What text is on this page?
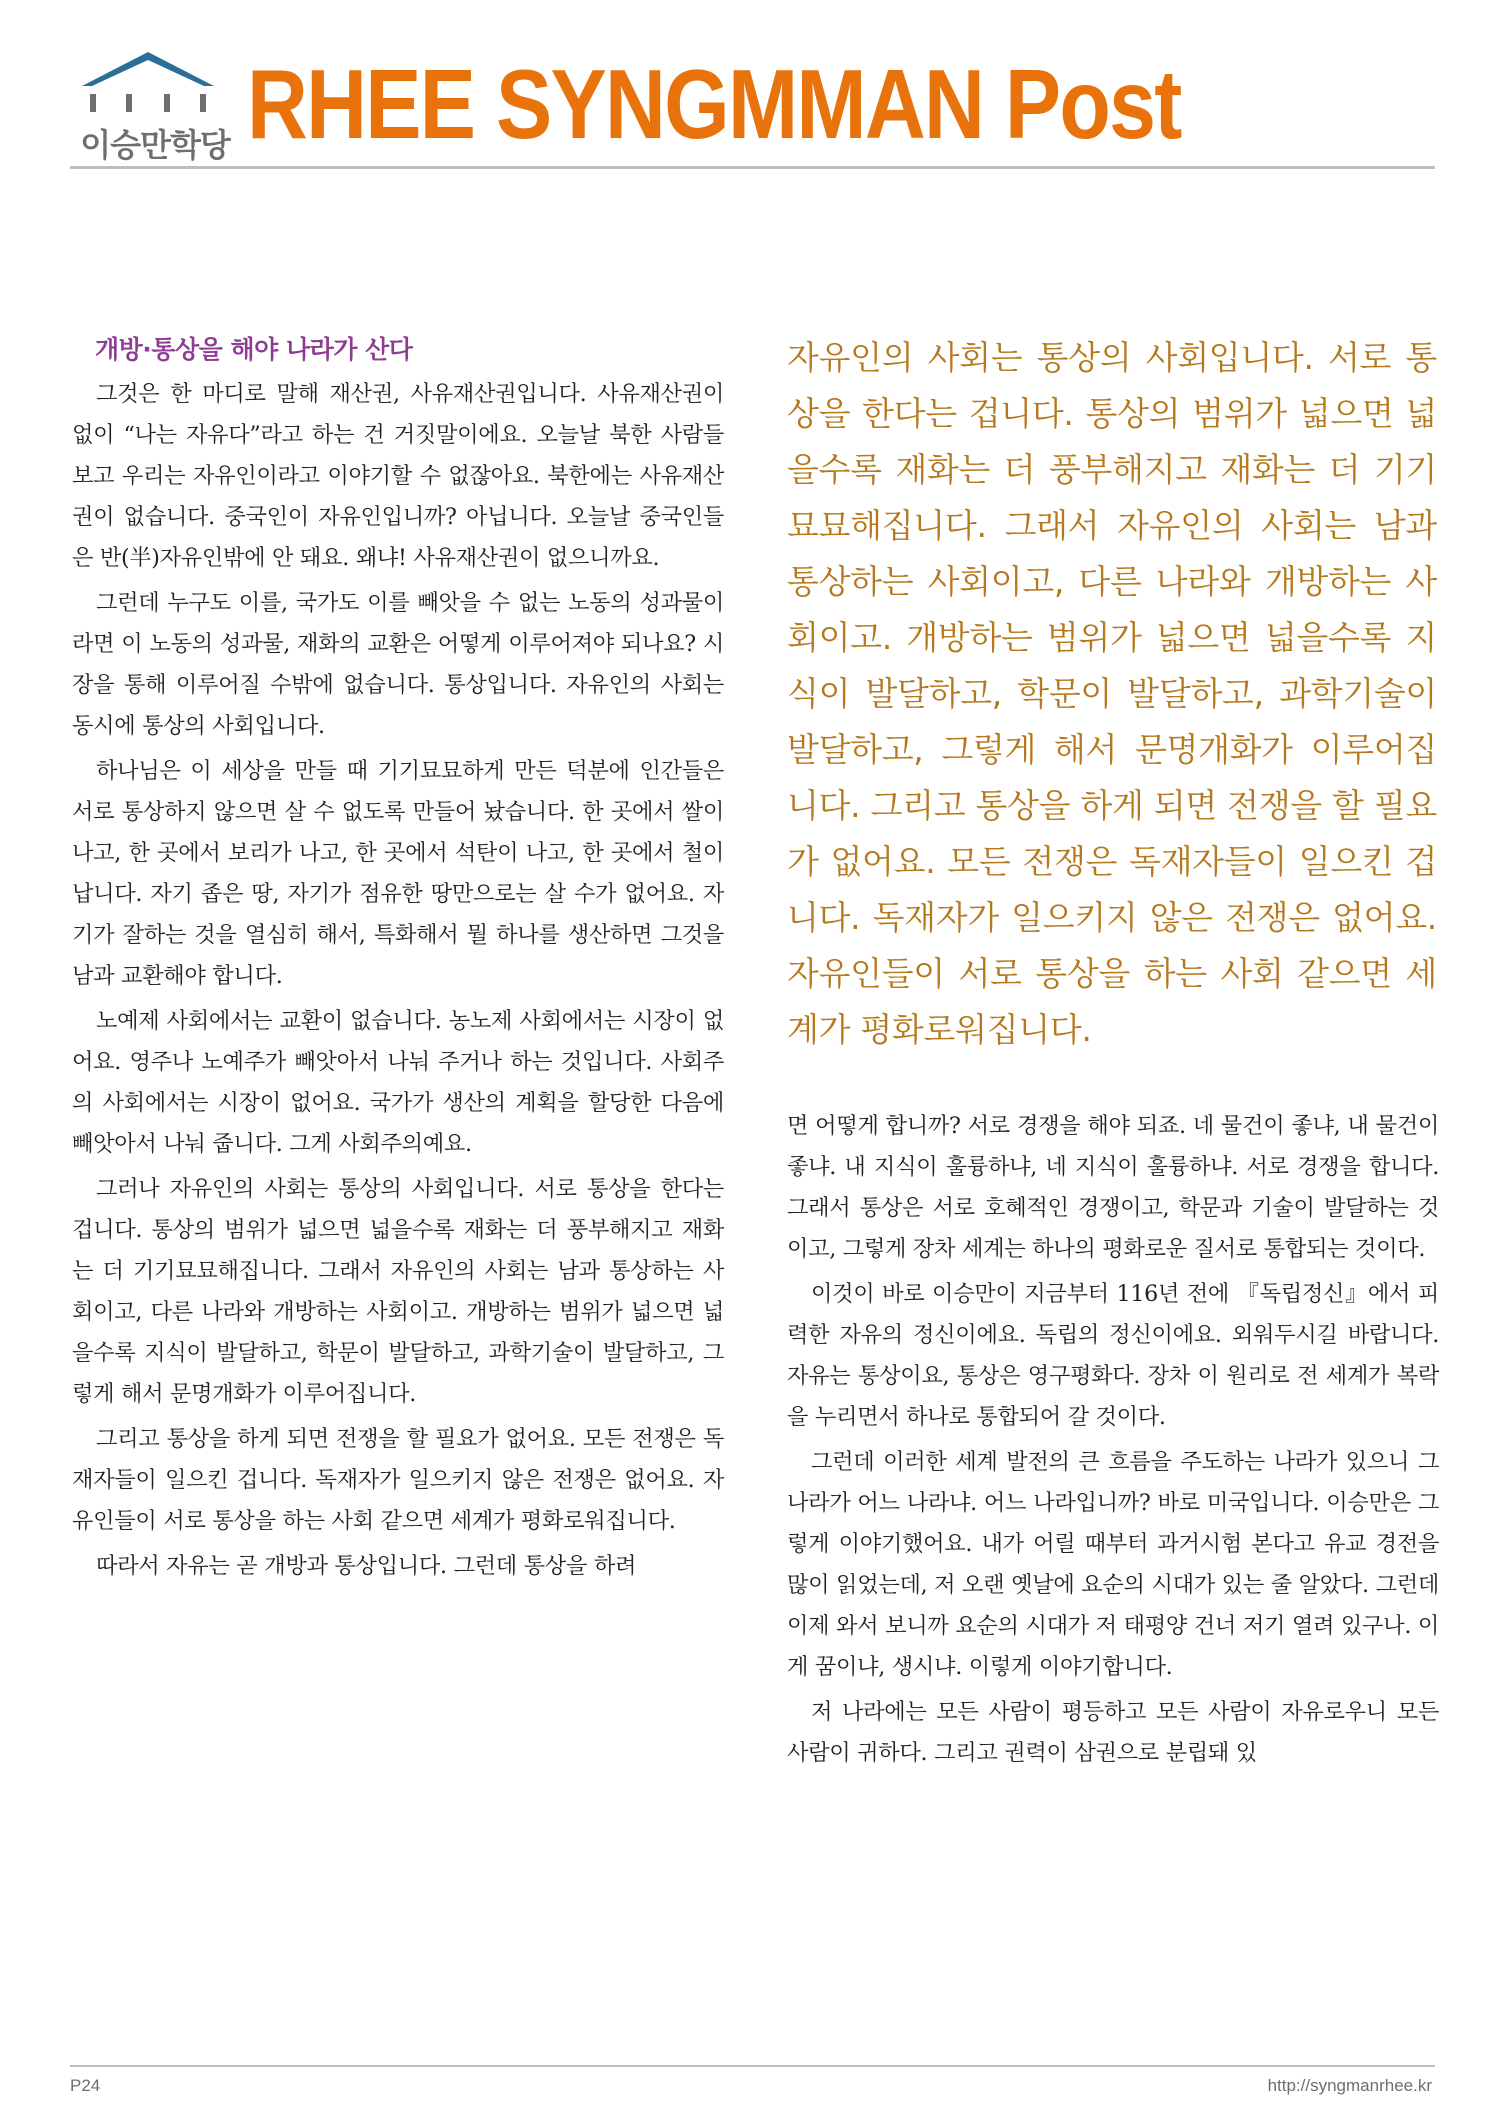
이승만학당 RHEE SYNGMMAN Post
개방·통상을 해야 나라가 산다

그것은 한 마디로 말해 재산권, 사유재산권입니다. 사유재산권이 없이 “나는 자유다”라고 하는 건 거짓말이에요. 오늘날 북한 사람들 보고 우리는 자유인이라고 이야기할 수 없잖아요. 북한에는 사유재산권이 없습니다. 중국인이 자유인입니까? 아닙니다. 오늘날 중국인들은 반(半)자유인밖에 안 돼요. 왜냐! 사유재산권이 없으니까요.

그런데 누구도 이를, 국가도 이를 빼앗을 수 없는 노동의 성과물이라면 이 노동의 성과물, 재화의 교환은 어떻게 이루어져야 되나요? 시장을 통해 이루어질 수밖에 없습니다. 통상입니다. 자유인의 사회는 동시에 통상의 사회입니다.

하나님은 이 세상을 만들 때 기기묘묘하게 만든 덕분에 인간들은 서로 통상하지 않으면 살 수 없도록 만들어 놨습니다. 한 곳에서 쌀이 나고, 한 곳에서 보리가 나고, 한 곳에서 석탄이 나고, 한 곳에서 철이 납니다. 자기 좁은 땅, 자기가 점유한 땅만으로는 살 수가 없어요. 자기가 잘하는 것을 열심히 해서, 특화해서 뭘 하나를 생산하면 그것을 남과 교환해야 합니다.

노예제 사회에서는 교환이 없습니다. 농노제 사회에서는 시장이 없어요. 영주나 노예주가 빼앗아서 나눠 주거나 하는 것입니다. 사회주의 사회에서는 시장이 없어요. 국가가 생산의 계획을 할당한 다음에 빼앗아서 나눠 줍니다. 그게 사회주의예요.

그러나 자유인의 사회는 통상의 사회입니다. 서로 통상을 한다는 겁니다. 통상의 범위가 넓으면 넓을수록 재화는 더 풍부해지고 재화는 더 기기묘묘해집니다. 그래서 자유인의 사회는 남과 통상하는 사회이고, 다른 나라와 개방하는 사회이고. 개방하는 범위가 넓으면 넓을수록 지식이 발달하고, 학문이 발달하고, 과학기술이 발달하고, 그렇게 해서 문명개화가 이루어집니다.

그리고 통상을 하게 되면 전쟁을 할 필요가 없어요. 모든 전쟁은 독재자들이 일으킨 겁니다. 독재자가 일으키지 않은 전쟁은 없어요. 자유인들이 서로 통상을 하는 사회 같으면 세계가 평화로워집니다.

따라서 자유는 곧 개방과 통상입니다. 그런데 통상을 하려

자유인의 사회는 통상의 사회입니다. 서로 통상을 한다는 겁니다. 통상의 범위가 넓으면 넓을수록 재화는 더 풍부해지고 재화는 더 기기묘묘해집니다. 그래서 자유인의 사회는 남과 통상하는 사회이고, 다른 나라와 개방하는 사회이고. 개방하는 범위가 넓으면 넓을수록 지식이 발달하고, 학문이 발달하고, 과학기술이 발달하고, 그렇게 해서 문명개화가 이루어집니다. 그리고 통상을 하게 되면 전쟁을 할 필요가 없어요. 모든 전쟁은 독재자들이 일으킨 겁니다. 독재자가 일으키지 않은 전쟁은 없어요. 자유인들이 서로 통상을 하는 사회 같으면 세계가 평화로워집니다.

면 어떻게 합니까? 서로 경쟁을 해야 되죠. 네 물건이 좋냐, 내 물건이 좋냐. 내 지식이 훌륭하냐, 네 지식이 훌륭하냐. 서로 경쟁을 합니다. 그래서 통상은 서로 호혜적인 경쟁이고, 학문과 기술이 발달하는 것이고, 그렇게 장차 세계는 하나의 평화로운 질서로 통합되는 것이다.

이것이 바로 이승만이 지금부터 116년 전에 『독립정신』에서 피력한 자유의 정신이에요. 독립의 정신이에요. 외워두시길 바랍니다. 자유는 통상이요, 통상은 영구평화다. 장차 이 원리로 전 세계가 복락을 누리면서 하나로 통합되어 갈 것이다.

그런데 이러한 세계 발전의 큰 흐름을 주도하는 나라가 있으니 그 나라가 어느 나라냐. 어느 나라입니까? 바로 미국입니다. 이승만은 그렇게 이야기했어요. 내가 어릴 때부터 과거시험 본다고 유교 경전을 많이 읽었는데, 저 오랜 옛날에 요순의 시대가 있는 줄 알았다. 그런데 이제 와서 보니까 요순의 시대가 저 태평양 건너 저기 열려 있구나. 이게 꿈이냐, 생시냐. 이렇게 이야기합니다.

저 나라에는 모든 사람이 평등하고 모든 사람이 자유로우니 모든 사람이 귀하다. 그리고 권력이 삼권으로 분립돼 있

P24	http://syngmanrhee.kr
